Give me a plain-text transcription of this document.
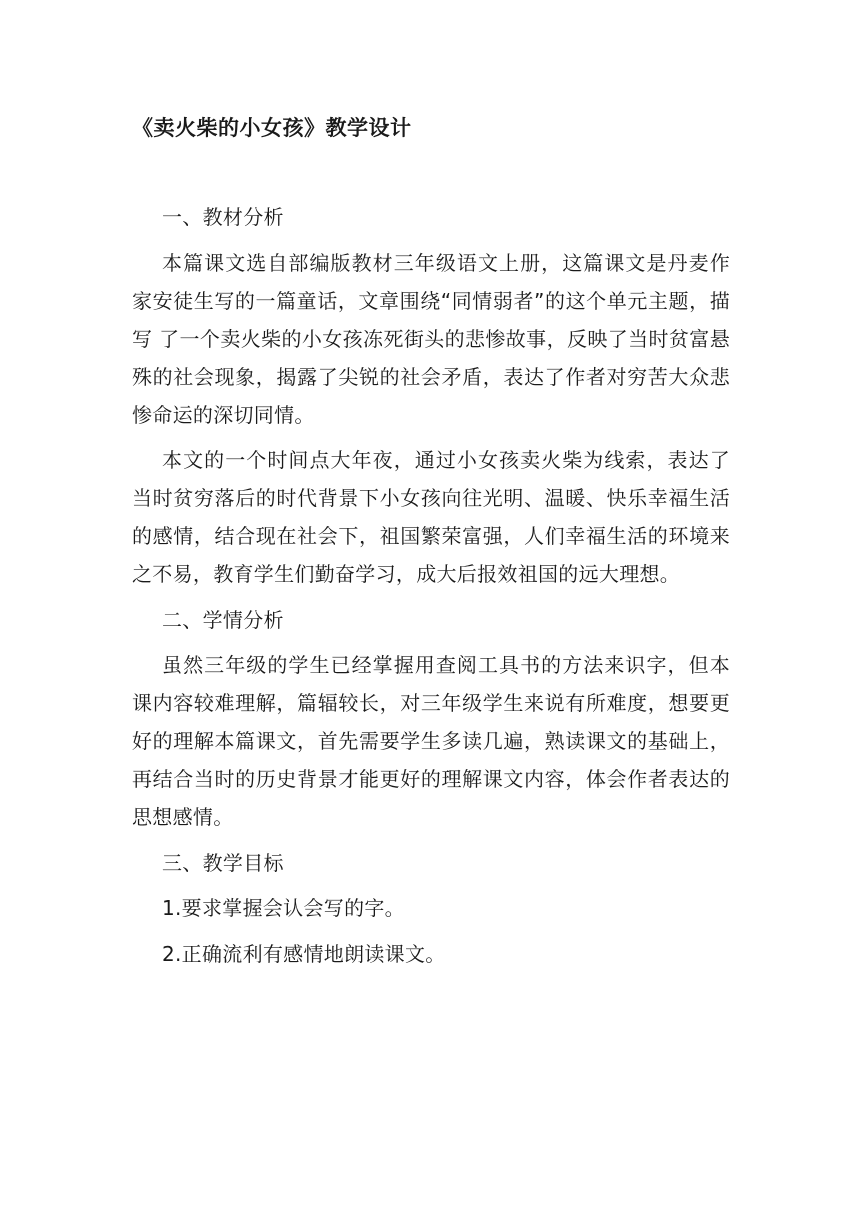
《卖火柴的小女孩》教学设计

一、教材分析

本篇课文选自部编版教材三年级语文上册，这篇课文是丹麦作家安徒生写的一篇童话，文章围绕“同情弱者”的这个单元主题，描写 了一个卖火柴的小女孩冻死街头的悲惨故事，反映了当时贫富悬殊的社会现象，揭露了尖锐的社会矛盾，表达了作者对穷苦大众悲惨命运的深切同情。

本文的一个时间点大年夜，通过小女孩卖火柴为线索，表达了当时贫穷落后的时代背景下小女孩向往光明、温暖、快乐幸福生活的感情，结合现在社会下，祖国繁荣富强，人们幸福生活的环境来之不易，教育学生们勤奋学习，成大后报效祖国的远大理想。

二、学情分析

虽然三年级的学生已经掌握用查阅工具书的方法来识字，但本课内容较难理解，篇辐较长，对三年级学生来说有所难度，想要更好的理解本篇课文，首先需要学生多读几遍，熟读课文的基础上，再结合当时的历史背景才能更好的理解课文内容，体会作者表达的思想感情。

三、教学目标

1.要求掌握会认会写的字。

2.正确流利有感情地朗读课文。
